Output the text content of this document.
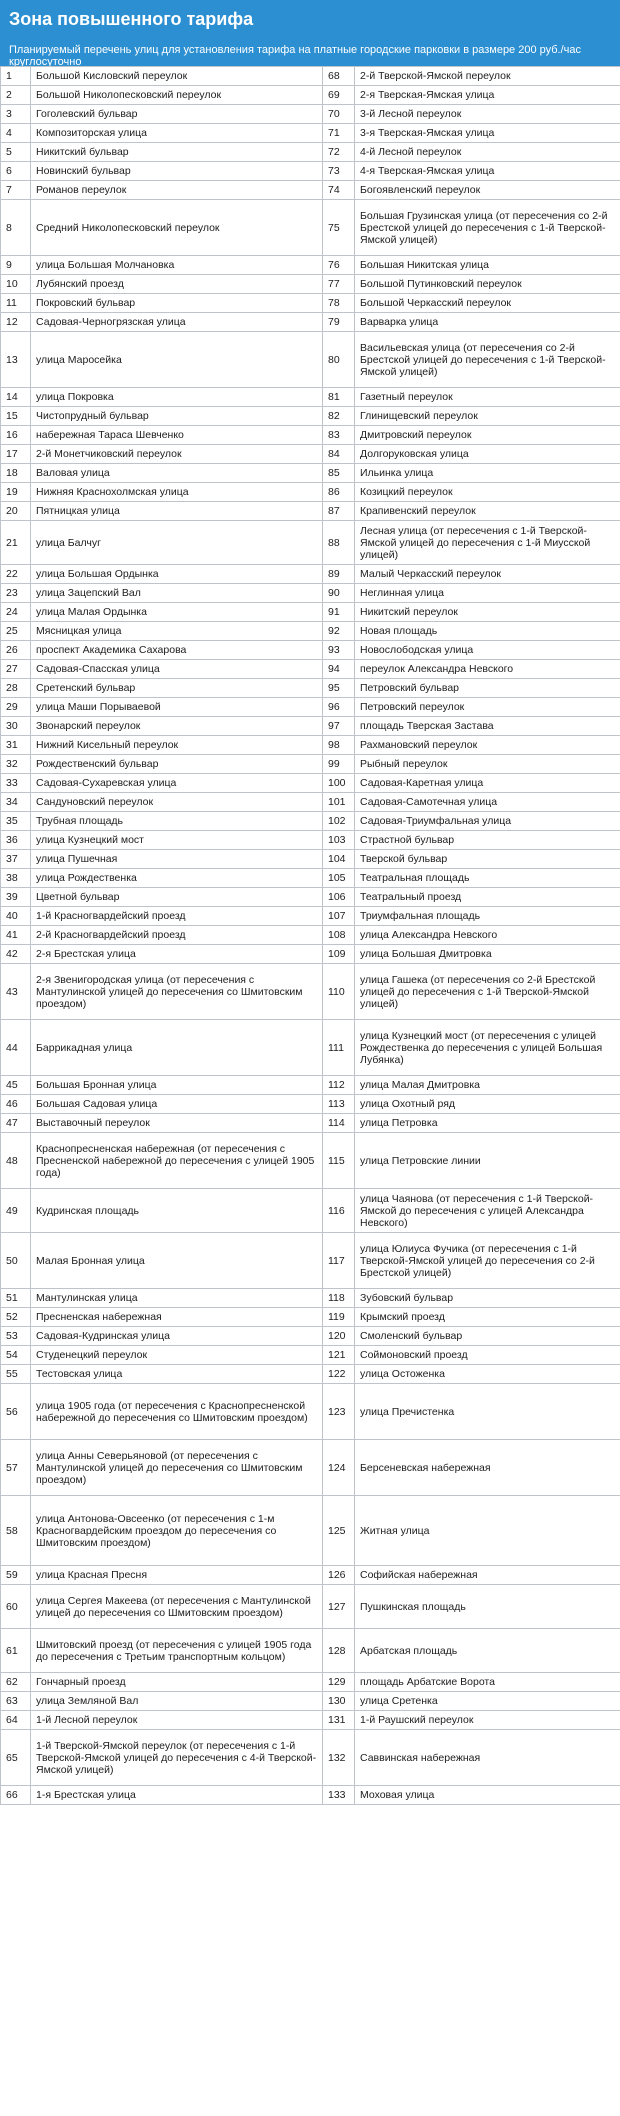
Зона повышенного тарифа
Планируемый перечень улиц для установления тарифа на платные городские парковки в размере 200 руб./час круглосуточно
1	Большой Кисловский переулок	68	2-й Тверской-Ямской переулок
2	Большой Николопесковский переулок	69	2-я Тверская-Ямская улица
3	Гоголевский бульвар	70	3-й Лесной переулок
4	Композиторская улица	71	3-я Тверская-Ямская улица
5	Никитский бульвар	72	4-й Лесной переулок
6	Новинский бульвар	73	4-я Тверская-Ямская улица
7	Романов переулок	74	Богоявленский переулок
8	Средний Николопесковский переулок	75	Большая Грузинская улица (от пересечения со 2-й Брестской улицей до пересечения с 1-й Тверской-Ямской улицей)
9	улица Большая Молчановка	76	Большая Никитская улица
10	Лубянский проезд	77	Большой Путинковский переулок
11	Покровский бульвар	78	Большой Черкасский переулок
12	Садовая-Черногрязская улица	79	Варварка улица
13	улица Маросейка	80	Васильевская улица (от пересечения со 2-й Брестской улицей до пересечения с 1-й Тверской-Ямской улицей)
14	улица Покровка	81	Газетный переулок
15	Чистопрудный бульвар	82	Глинищевский переулок
16	набережная Тараса Шевченко	83	Дмитровский переулок
17	2-й Монетчиковский переулок	84	Долгоруковская улица
18	Валовая улица	85	Ильинка улица
19	Нижняя Краснохолмская улица	86	Козицкий переулок
20	Пятницкая улица	87	Крапивенский переулок
21	улица Балчуг	88	Лесная улица (от пересечения с 1-й Тверской-Ямской улицей до пересечения с 1-й Миусской улицей)
22	улица Большая Ордынка	89	Малый Черкасский переулок
23	улица Зацепский Вал	90	Неглинная улица
24	улица Малая Ордынка	91	Никитский переулок
25	Мясницкая улица	92	Новая площадь
26	проспект Академика Сахарова	93	Новослободская улица
27	Садовая-Спасская улица	94	переулок Александра Невского
28	Сретенский бульвар	95	Петровский бульвар
29	улица Маши Порываевой	96	Петровский переулок
30	Звонарский переулок	97	площадь Тверская Застава
31	Нижний Кисельный переулок	98	Рахмановский переулок
32	Рождественский бульвар	99	Рыбный переулок
33	Садовая-Сухаревская улица	100	Садовая-Каретная улица
34	Сандуновский переулок	101	Садовая-Самотечная улица
35	Трубная площадь	102	Садовая-Триумфальная улица
36	улица Кузнецкий мост	103	Страстной бульвар
37	улица Пушечная	104	Тверской бульвар
38	улица Рождественка	105	Театральная площадь
39	Цветной бульвар	106	Театральный проезд
40	1-й Красногвардейский проезд	107	Триумфальная площадь
41	2-й Красногвардейский проезд	108	улица Александра Невского
42	2-я Брестская улица	109	улица Большая Дмитровка
43	2-я Звенигородская улица (от пересечения с Мантулинской улицей до пересечения со Шмитовским проездом)	110	улица Гашека (от пересечения со 2-й Брестской улицей до пересечения с 1-й Тверской-Ямской улицей)
44	Баррикадная улица	111	улица Кузнецкий мост (от пересечения с улицей Рождественка до пересечения с улицей Большая Лубянка)
45	Большая Бронная улица	112	улица Малая Дмитровка
46	Большая Садовая улица	113	улица Охотный ряд
47	Выставочный переулок	114	улица Петровка
48	Краснопресненская набережная (от пересечения с Пресненской набережной до пересечения с улицей 1905 года)	115	улица Петровские линии
49	Кудринская площадь	116	улица Чаянова (от пересечения с 1-й Тверской-Ямской до пересечения с улицей Александра Невского)
50	Малая Бронная улица	117	улица Юлиуса Фучика (от пересечения с 1-й Тверской-Ямской улицей до пересечения со 2-й Брестской улицей)
51	Мантулинская улица	118	Зубовский бульвар
52	Пресненская набережная	119	Крымский проезд
53	Садовая-Кудринская улица	120	Смоленский бульвар
54	Студенецкий переулок	121	Соймоновский проезд
55	Тестовская улица	122	улица Остоженка
56	улица 1905 года (от пересечения с Краснопресненской набережной до пересечения со Шмитовским проездом)	123	улица Пречистенка
57	улица Анны Северьяновой (от пересечения с Мантулинской улицей до пересечения со Шмитовским проездом)	124	Берсеневская набережная
58	улица Антонова-Овсеенко (от пересечения с 1-м Красногвардейским проездом до пересечения со Шмитовским проездом)	125	Житная улица
59	улица Красная Пресня	126	Софийская набережная
60	улица Сергея Макеева (от пересечения с Мантулинской улицей до пересечения со Шмитовским проездом)	127	Пушкинская площадь
61	Шмитовский проезд (от пересечения с улицей 1905 года до пересечения с Третьим транспортным кольцом)	128	Арбатская площадь
62	Гончарный проезд	129	площадь Арбатские Ворота
63	улица Земляной Вал	130	улица Сретенка
64	1-й Лесной переулок	131	1-й Раушский переулок
65	1-й Тверской-Ямской переулок (от пересечения с 1-й Тверской-Ямской улицей до пересечения с 4-й Тверской-Ямской улицей)	132	Саввинская набережная
66	1-я Брестская улица	133	Моховая улица
